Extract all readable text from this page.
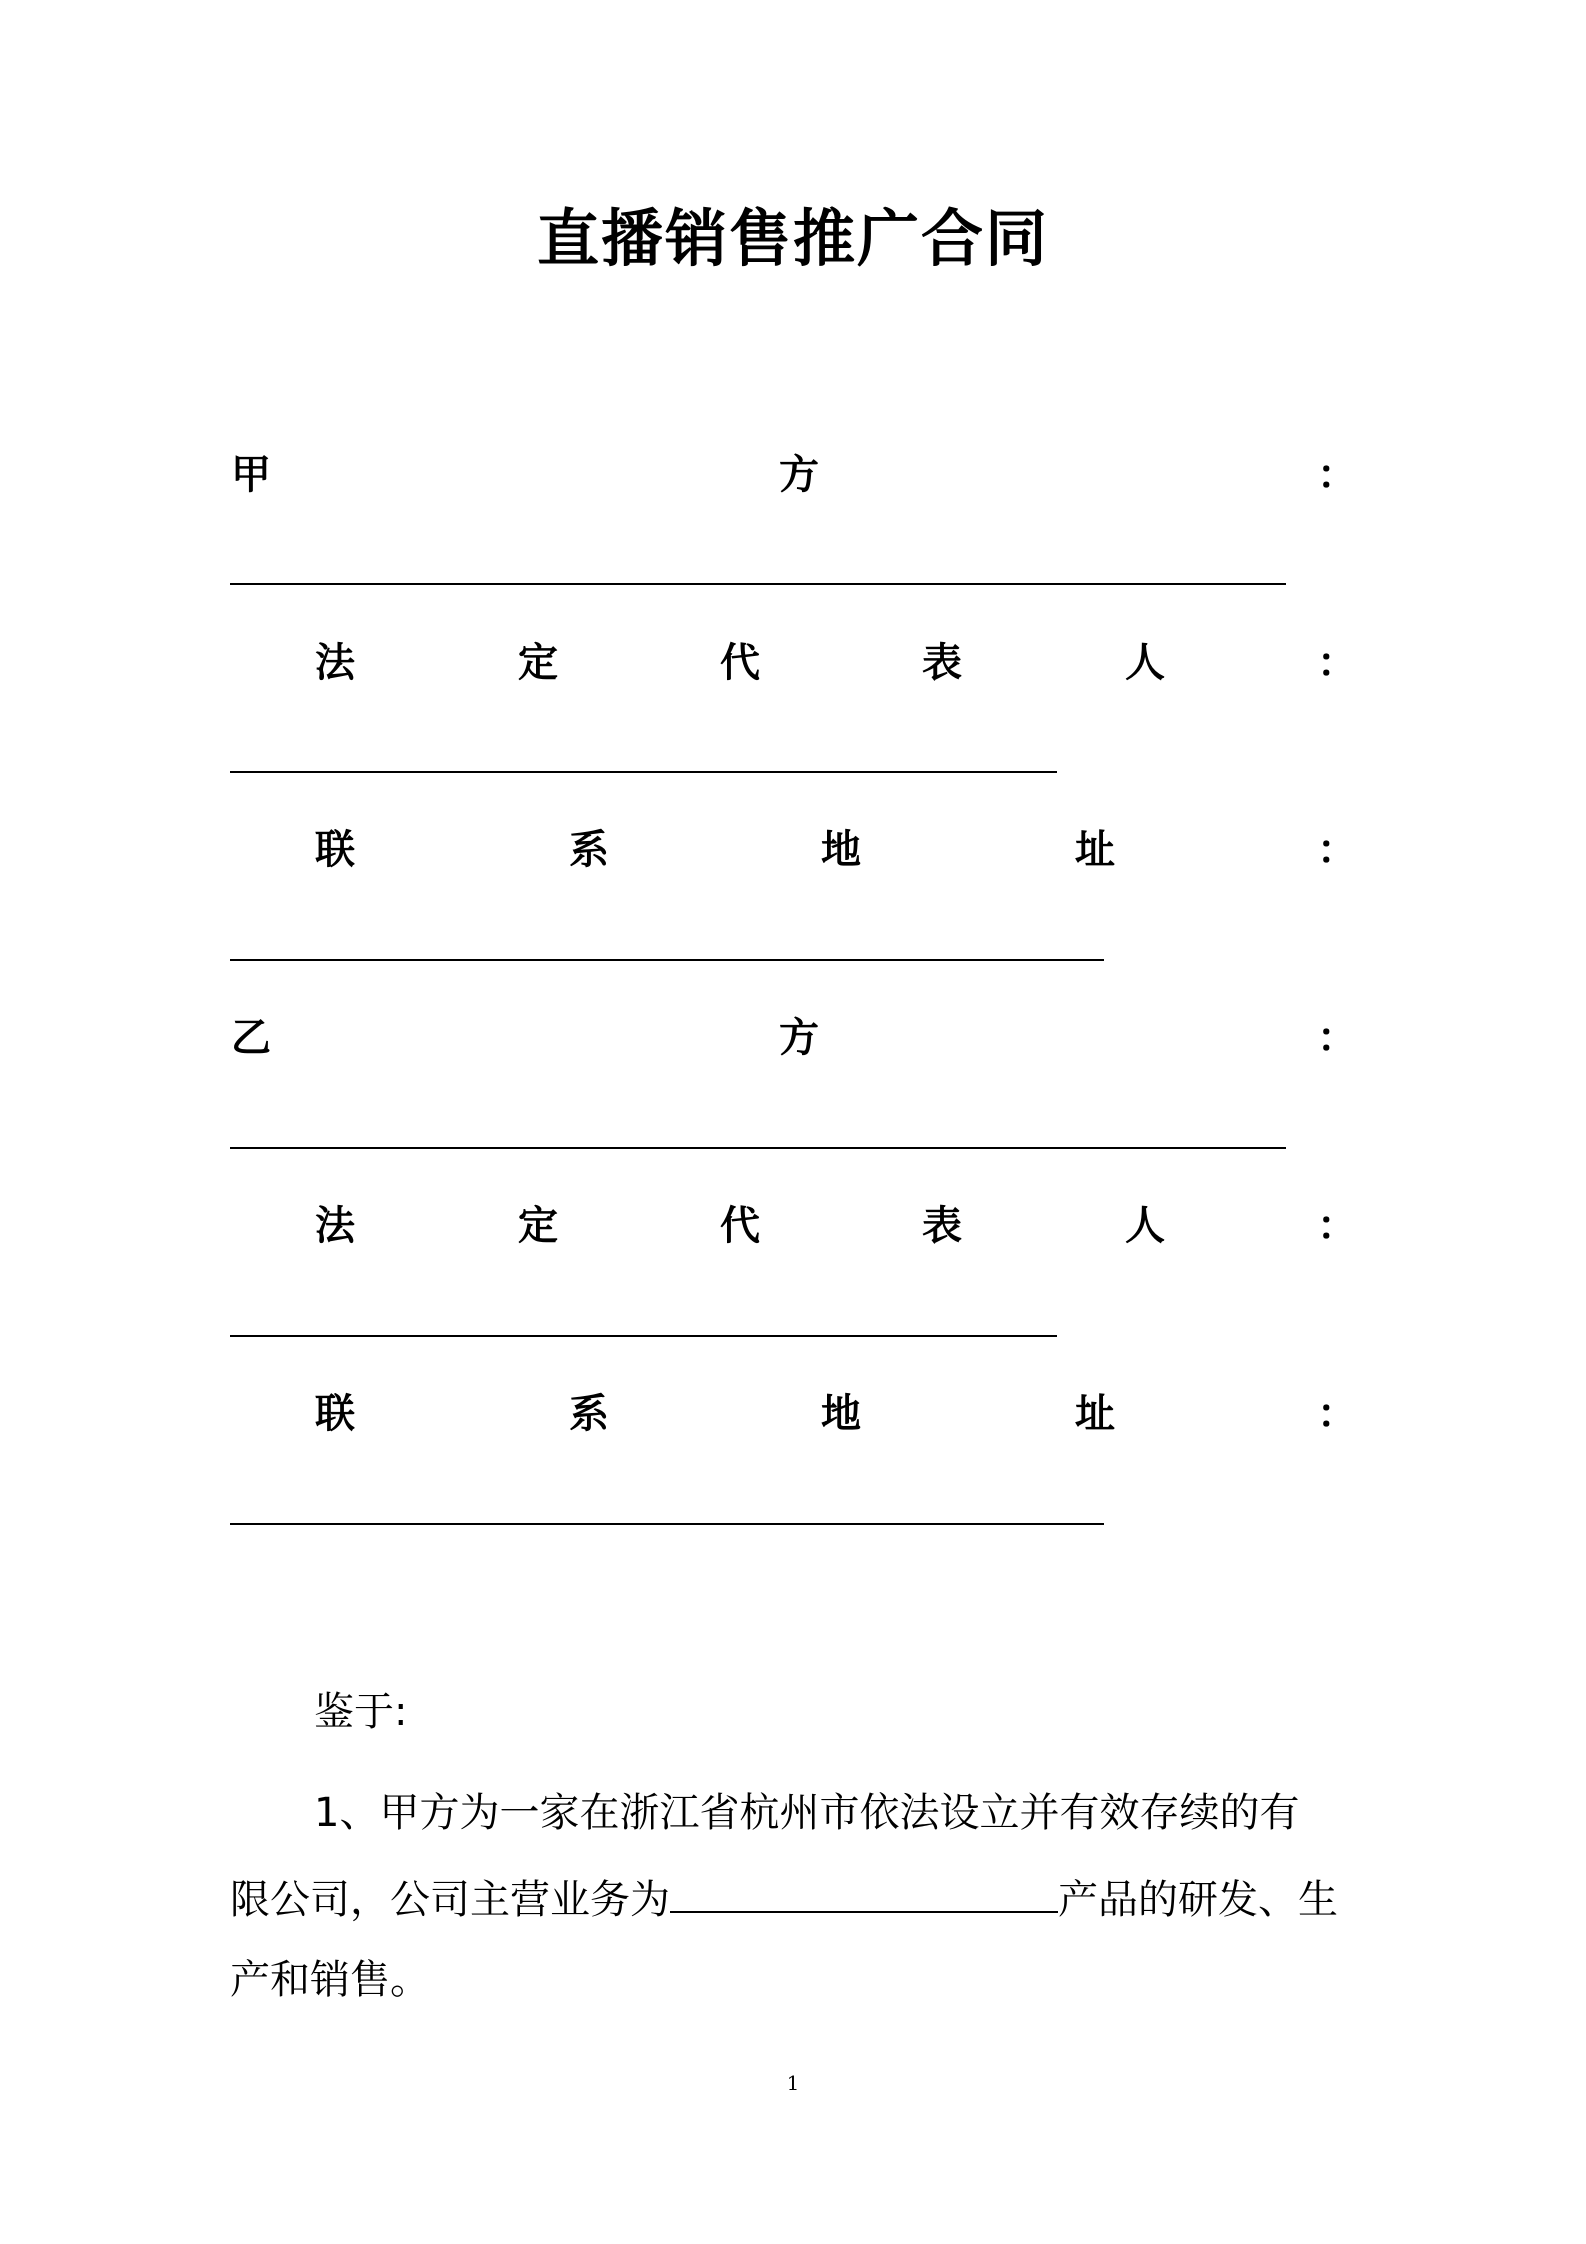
直播销售推广合同
甲	方	：
法	定	代	表	人	：
联	系	地	址	：
乙	方	：
法	定	代	表	人	：
联	系	地	址	：
鉴于:
1、甲方为一家在浙江省杭州市依法设立并有效存续的有
限公司，公司主营业务为	产品的研发、生
产和销售。
1
